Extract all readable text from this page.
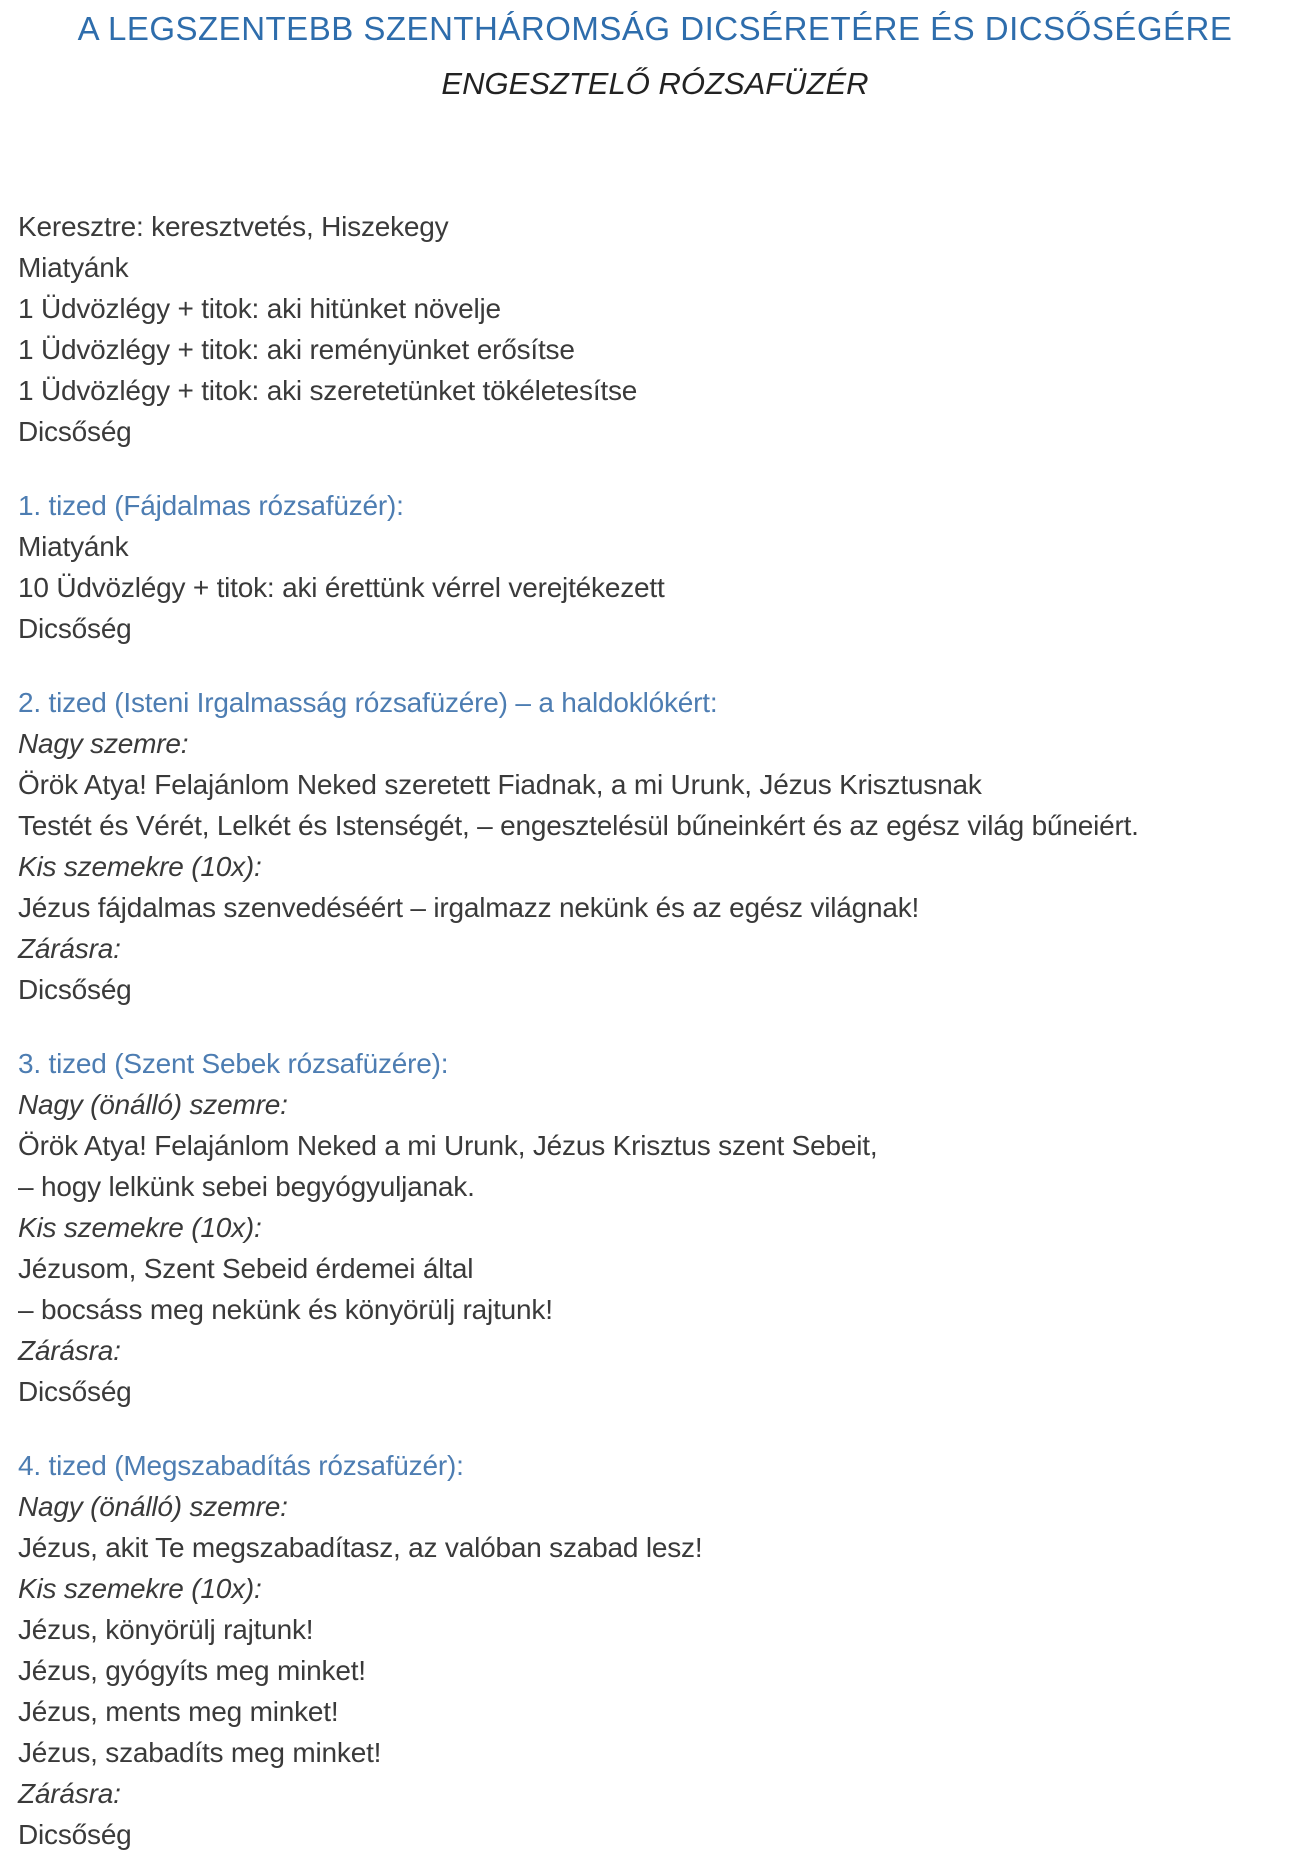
A LEGSZENTEBB SZENTHÁROMSÁG DICSÉRETÉRE ÉS DICSŐSÉGÉRE
ENGESZTELŐ RÓZSAFÜZÉR
Keresztre: keresztvetés, Hiszekegy
Miatyánk
1 Üdvözlégy + titok: aki hitünket növelje
1 Üdvözlégy + titok: aki reményünket erősítse
1 Üdvözlégy + titok: aki szeretetünket tökéletesítse
Dicsőség
1. tized (Fájdalmas rózsafüzér):
Miatyánk
10 Üdvözlégy + titok: aki érettünk vérrel verejtékezett
Dicsőség
2. tized (Isteni Irgalmasság rózsafüzére) – a haldoklókért:
Nagy szemre:
Örök Atya! Felajánlom Neked szeretett Fiadnak, a mi Urunk, Jézus Krisztusnak
Testét és Vérét, Lelkét és Istenségét, – engesztelésül bűneinkért és az egész világ bűneiért.
Kis szemekre (10x):
Jézus fájdalmas szenvedéséért – irgalmazz nekünk és az egész világnak!
Zárásra:
Dicsőség
3. tized (Szent Sebek rózsafüzére):
Nagy (önálló) szemre:
Örök Atya! Felajánlom Neked a mi Urunk, Jézus Krisztus szent Sebeit,
– hogy lelkünk sebei begyógyuljanak.
Kis szemekre (10x):
Jézusom, Szent Sebeid érdemei által
– bocsáss meg nekünk és könyörülj rajtunk!
Zárásra:
Dicsőség
4. tized (Megszabadítás rózsafüzér):
Nagy (önálló) szemre:
Jézus, akit Te megszabadítasz, az valóban szabad lesz!
Kis szemekre (10x):
Jézus, könyörülj rajtunk!
Jézus, gyógyíts meg minket!
Jézus, ments meg minket!
Jézus, szabadíts meg minket!
Zárásra:
Dicsőség
